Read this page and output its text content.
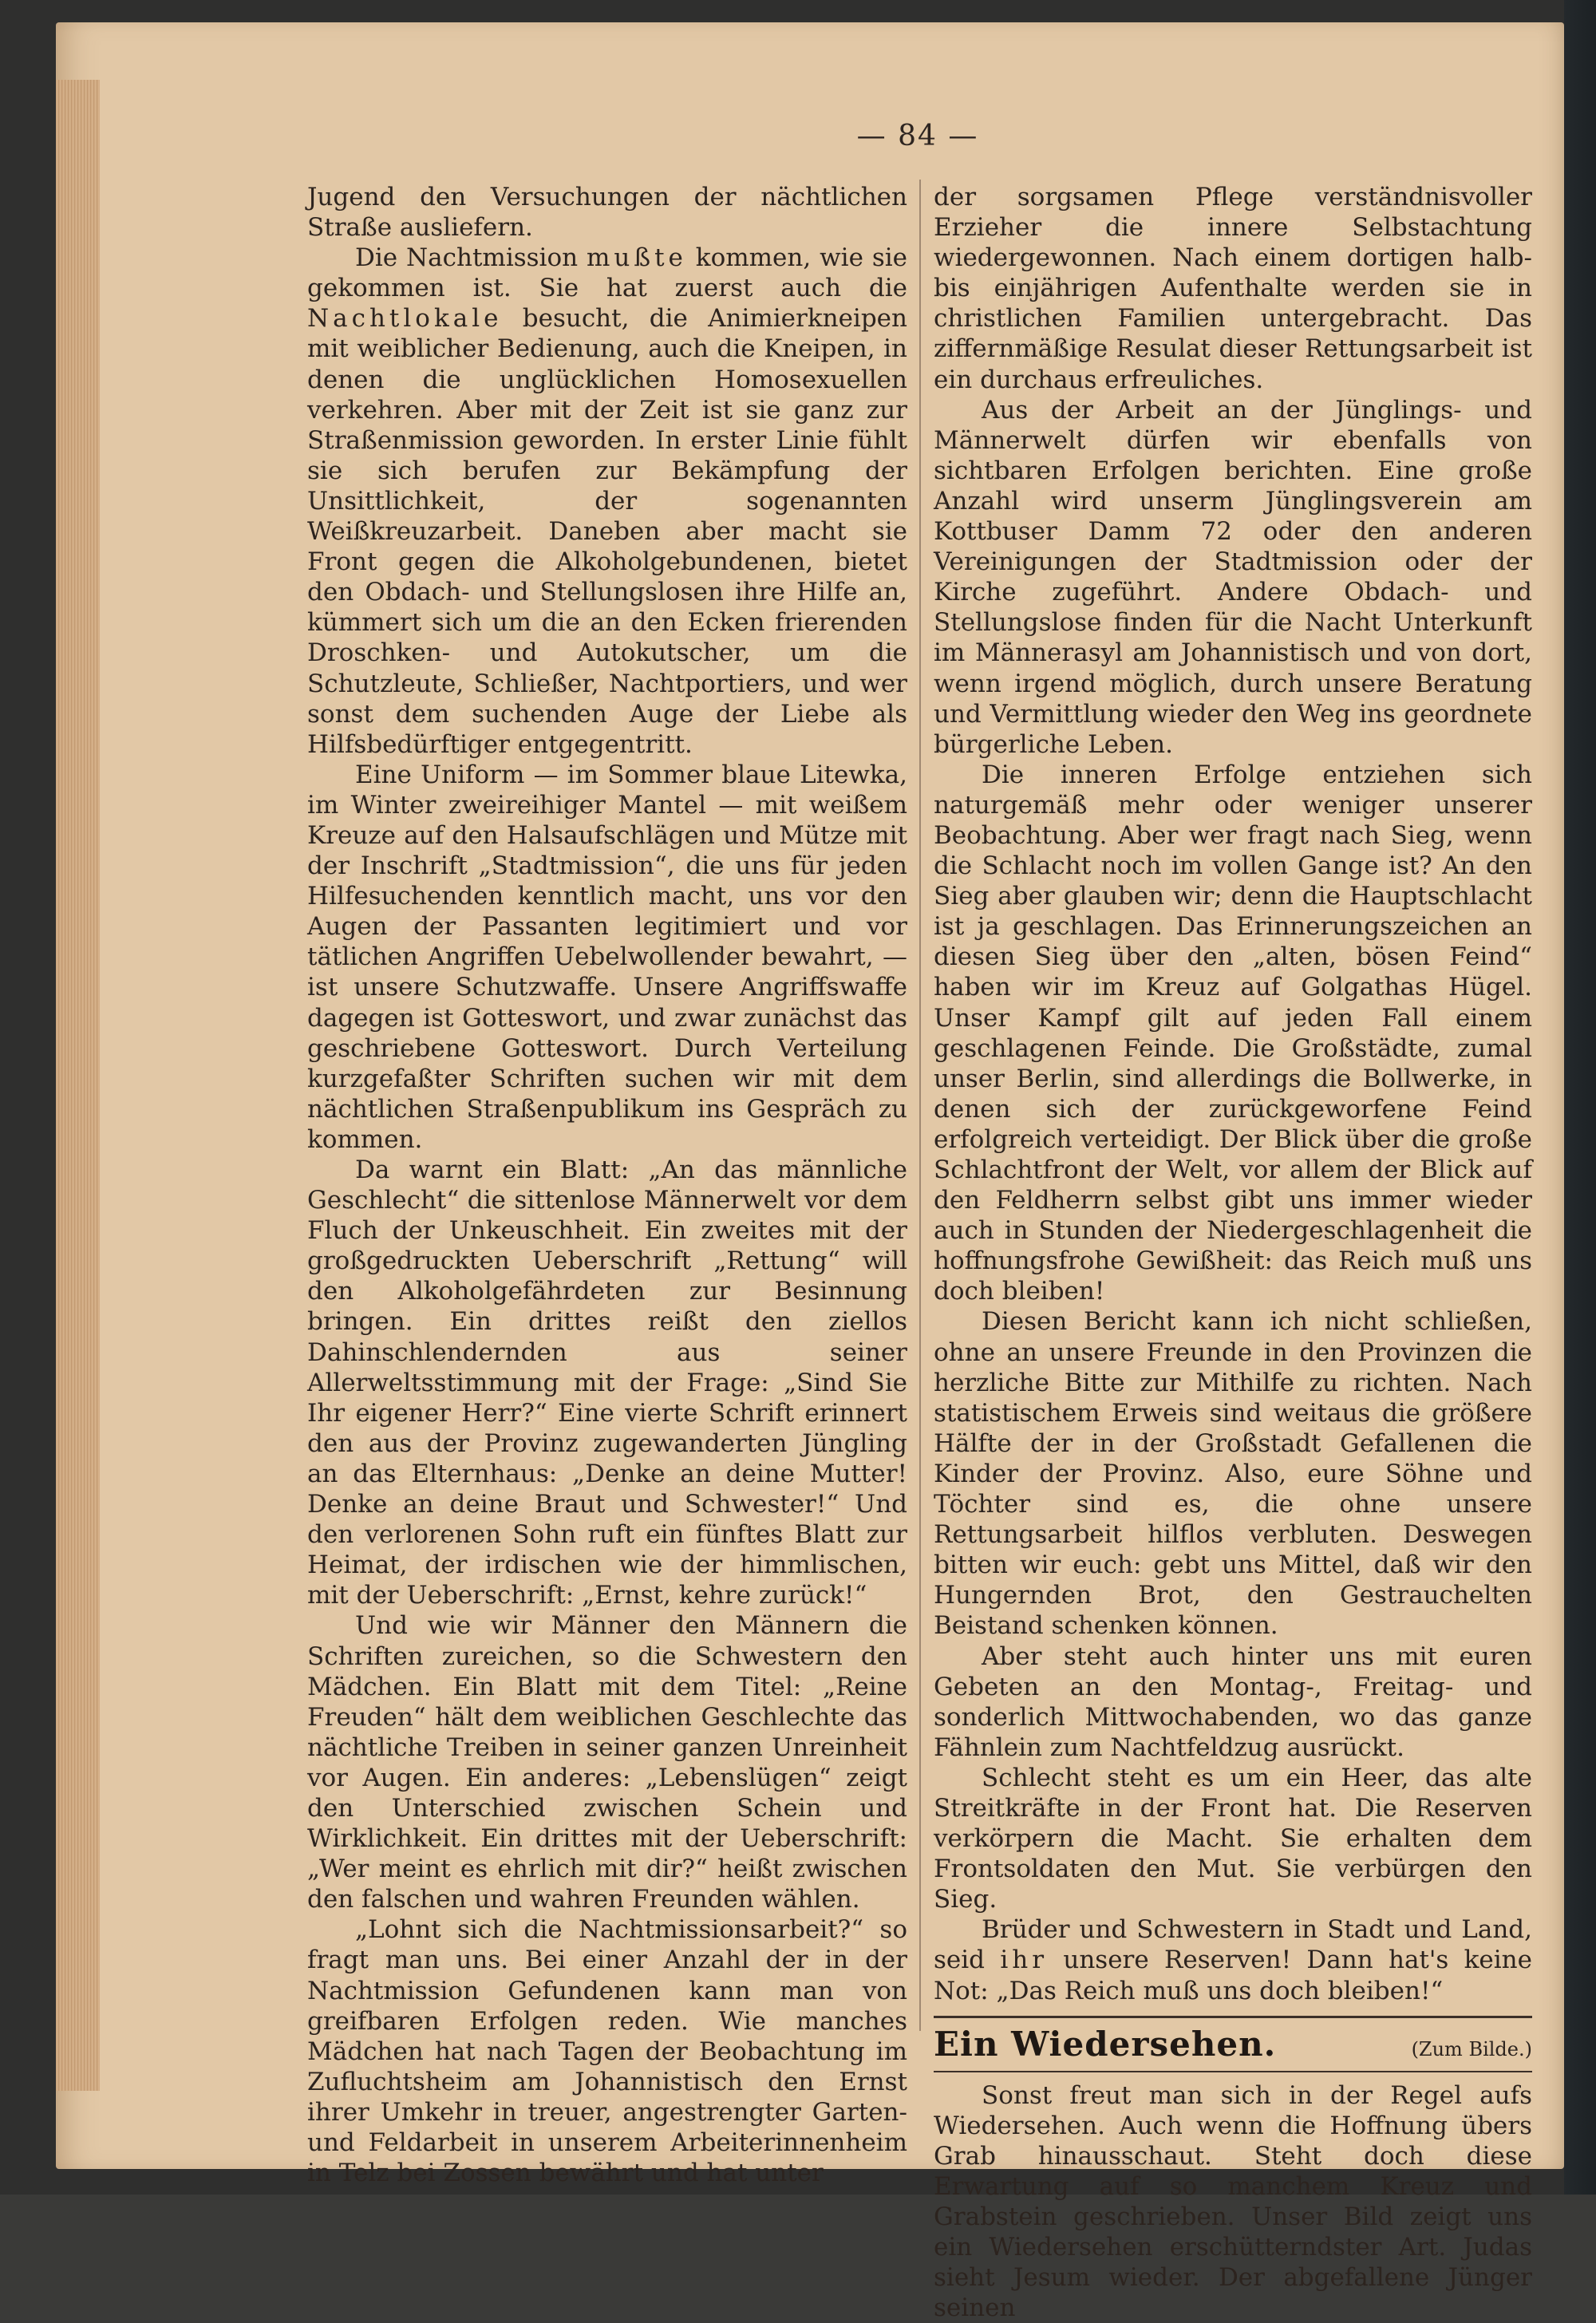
— 84 —

Jugend den Versuchungen der nächtlichen Straße ausliefern.

Die Nachtmission mußte kommen, wie sie gekommen ist. Sie hat zuerst auch die Nachtlokale besucht, die Animierkneipen mit weiblicher Bedienung, auch die Kneipen, in denen die unglücklichen Homosexuellen verkehren. Aber mit der Zeit ist sie ganz zur Straßenmission geworden. In erster Linie fühlt sie sich berufen zur Bekämpfung der Unsittlichkeit, der sogenannten Weißkreuzarbeit. Daneben aber macht sie Front gegen die Alkoholgebundenen, bietet den Obdach- und Stellungslosen ihre Hilfe an, kümmert sich um die an den Ecken frierenden Droschken- und Autokutscher, um die Schutzleute, Schließer, Nachtportiers, und wer sonst dem suchenden Auge der Liebe als Hilfsbedürftiger entgegentritt.

Eine Uniform — im Sommer blaue Litewka, im Winter zweireihiger Mantel — mit weißem Kreuze auf den Halsaufschlägen und Mütze mit der Inschrift „Stadtmission“, die uns für jeden Hilfesuchenden kenntlich macht, uns vor den Augen der Passanten legitimiert und vor tätlichen Angriffen Uebelwollender bewahrt, — ist unsere Schutzwaffe. Unsere Angriffswaffe dagegen ist Gotteswort, und zwar zunächst das geschriebene Gotteswort. Durch Verteilung kurzgefaßter Schriften suchen wir mit dem nächtlichen Straßenpublikum ins Gespräch zu kommen.

Da warnt ein Blatt: „An das männliche Geschlecht“ die sittenlose Männerwelt vor dem Fluch der Unkeuschheit. Ein zweites mit der großgedruckten Ueberschrift „Rettung“ will den Alkoholgefährdeten zur Besinnung bringen. Ein drittes reißt den ziellos Dahinschlendernden aus seiner Allerweltsstimmung mit der Frage: „Sind Sie Ihr eigener Herr?“ Eine vierte Schrift erinnert den aus der Provinz zugewanderten Jüngling an das Elternhaus: „Denke an deine Mutter! Denke an deine Braut und Schwester!“ Und den verlorenen Sohn ruft ein fünftes Blatt zur Heimat, der irdischen wie der himmlischen, mit der Ueberschrift: „Ernst, kehre zurück!“

Und wie wir Männer den Männern die Schriften zureichen, so die Schwestern den Mädchen. Ein Blatt mit dem Titel: „Reine Freuden“ hält dem weiblichen Geschlechte das nächtliche Treiben in seiner ganzen Unreinheit vor Augen. Ein anderes: „Lebenslügen“ zeigt den Unterschied zwischen Schein und Wirklichkeit. Ein drittes mit der Ueberschrift: „Wer meint es ehrlich mit dir?“ heißt zwischen den falschen und wahren Freunden wählen.

„Lohnt sich die Nachtmissionsarbeit?“ so fragt man uns. Bei einer Anzahl der in der Nachtmission Gefundenen kann man von greifbaren Erfolgen reden. Wie manches Mädchen hat nach Tagen der Beobachtung im Zufluchtsheim am Johannistisch den Ernst ihrer Umkehr in treuer, angestrengter Garten- und Feldarbeit in unserem Arbeiterinnenheim in Telz bei Zossen bewährt und hat unter

der sorgsamen Pflege verständnisvoller Erzieher die innere Selbstachtung wiedergewonnen. Nach einem dortigen halb- bis einjährigen Aufenthalte werden sie in christlichen Familien untergebracht. Das ziffernmäßige Resulat dieser Rettungsarbeit ist ein durchaus erfreuliches.

Aus der Arbeit an der Jünglings- und Männerwelt dürfen wir ebenfalls von sichtbaren Erfolgen berichten. Eine große Anzahl wird unserm Jünglingsverein am Kottbuser Damm 72 oder den anderen Vereinigungen der Stadtmission oder der Kirche zugeführt. Andere Obdach- und Stellungslose finden für die Nacht Unterkunft im Männerasyl am Johannistisch und von dort, wenn irgend möglich, durch unsere Beratung und Vermittlung wieder den Weg ins geordnete bürgerliche Leben.

Die inneren Erfolge entziehen sich naturgemäß mehr oder weniger unserer Beobachtung. Aber wer fragt nach Sieg, wenn die Schlacht noch im vollen Gange ist? An den Sieg aber glauben wir; denn die Hauptschlacht ist ja geschlagen. Das Erinnerungszeichen an diesen Sieg über den „alten, bösen Feind“ haben wir im Kreuz auf Golgathas Hügel. Unser Kampf gilt auf jeden Fall einem geschlagenen Feinde. Die Großstädte, zumal unser Berlin, sind allerdings die Bollwerke, in denen sich der zurückgeworfene Feind erfolgreich verteidigt. Der Blick über die große Schlachtfront der Welt, vor allem der Blick auf den Feldherrn selbst gibt uns immer wieder auch in Stunden der Niedergeschlagenheit die hoffnungsfrohe Gewißheit: das Reich muß uns doch bleiben!

Diesen Bericht kann ich nicht schließen, ohne an unsere Freunde in den Provinzen die herzliche Bitte zur Mithilfe zu richten. Nach statistischem Erweis sind weitaus die größere Hälfte der in der Großstadt Gefallenen die Kinder der Provinz. Also, eure Söhne und Töchter sind es, die ohne unsere Rettungsarbeit hilflos verbluten. Deswegen bitten wir euch: gebt uns Mittel, daß wir den Hungernden Brot, den Gestrauchelten Beistand schenken können.

Aber steht auch hinter uns mit euren Gebeten an den Montag-, Freitag- und sonderlich Mittwochabenden, wo das ganze Fähnlein zum Nachtfeldzug ausrückt.

Schlecht steht es um ein Heer, das alte Streitkräfte in der Front hat. Die Reserven verkörpern die Macht. Sie erhalten dem Frontsoldaten den Mut. Sie verbürgen den Sieg.

Brüder und Schwestern in Stadt und Land, seid ihr unsere Reserven! Dann hat's keine Not: „Das Reich muß uns doch bleiben!“

Ein Wiedersehen.	(Zum Bilde.)

Sonst freut man sich in der Regel aufs Wiedersehen. Auch wenn die Hoffnung übers Grab hinausschaut. Steht doch diese Erwartung auf so manchem Kreuz und Grabstein geschrieben. Unser Bild zeigt uns ein Wiedersehen erschütterndster Art. Judas sieht Jesum wieder. Der abgefallene Jünger seinen
